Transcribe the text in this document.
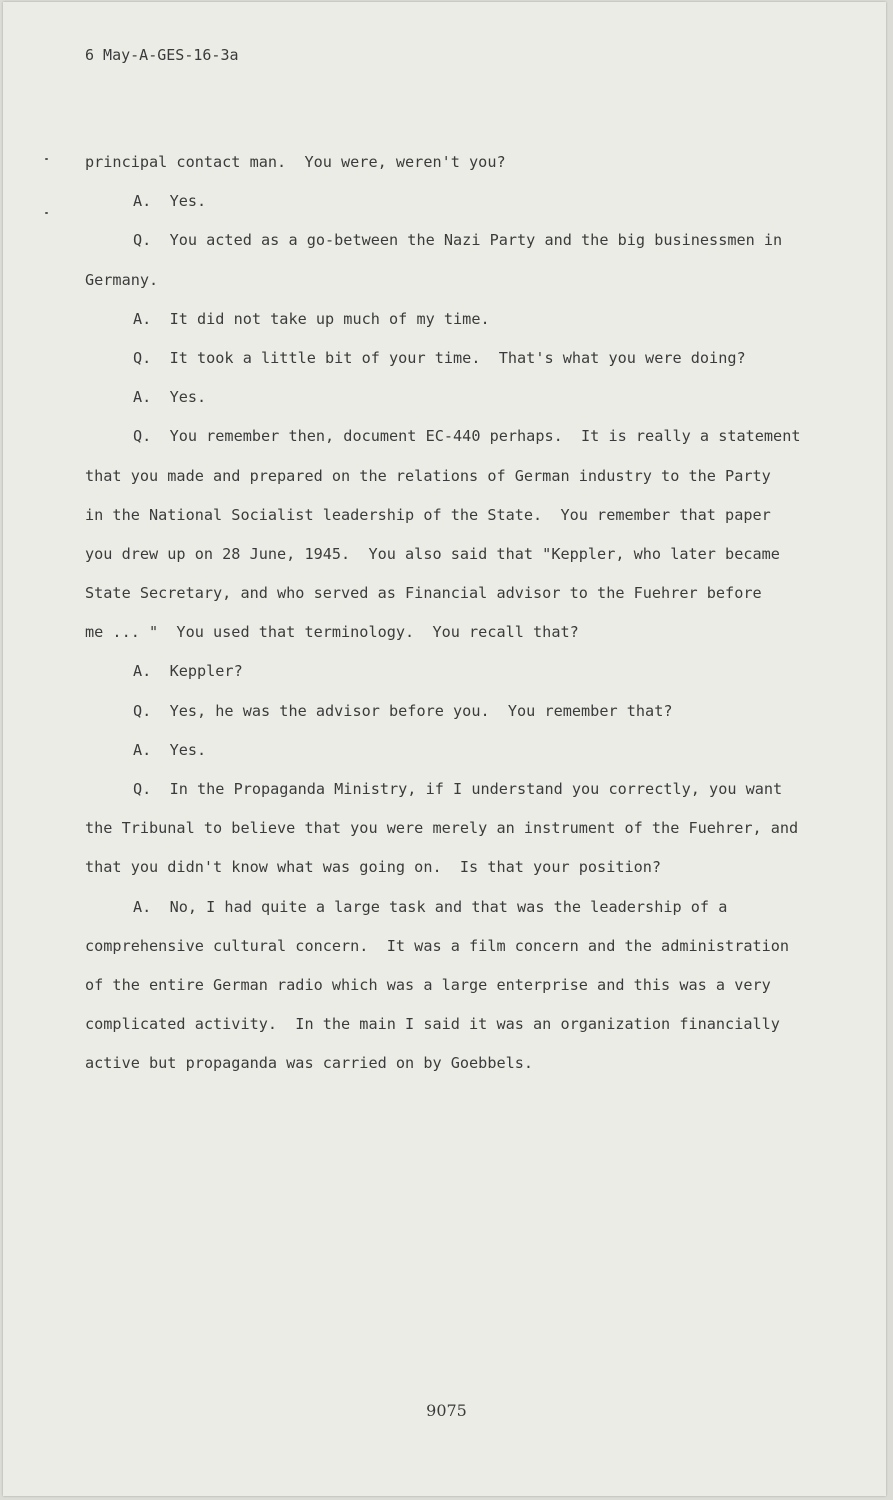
6 May-A-GES-16-3a
principal contact man.  You were, weren't you?
A.  Yes.
Q.  You acted as a go-between the Nazi Party and the big businessmen in
Germany.
A.  It did not take up much of my time.
Q.  It took a little bit of your time.  That's what you were doing?
A.  Yes.
Q.  You remember then, document EC-440 perhaps.  It is really a statement
that you made and prepared on the relations of German industry to the Party
in the National Socialist leadership of the State.  You remember that paper
you drew up on 28 June, 1945.  You also said that "Keppler, who later became
State Secretary, and who served as Financial advisor to the Fuehrer before
me ... "  You used that terminology.  You recall that?
A.  Keppler?
Q.  Yes, he was the advisor before you.  You remember that?
A.  Yes.
Q.  In the Propaganda Ministry, if I understand you correctly, you want
the Tribunal to believe that you were merely an instrument of the Fuehrer, and
that you didn't know what was going on.  Is that your position?
A.  No, I had quite a large task and that was the leadership of a
comprehensive cultural concern.  It was a film concern and the administration
of the entire German radio which was a large enterprise and this was a very
complicated activity.  In the main I said it was an organization financially
active but propaganda was carried on by Goebbels.
9075
